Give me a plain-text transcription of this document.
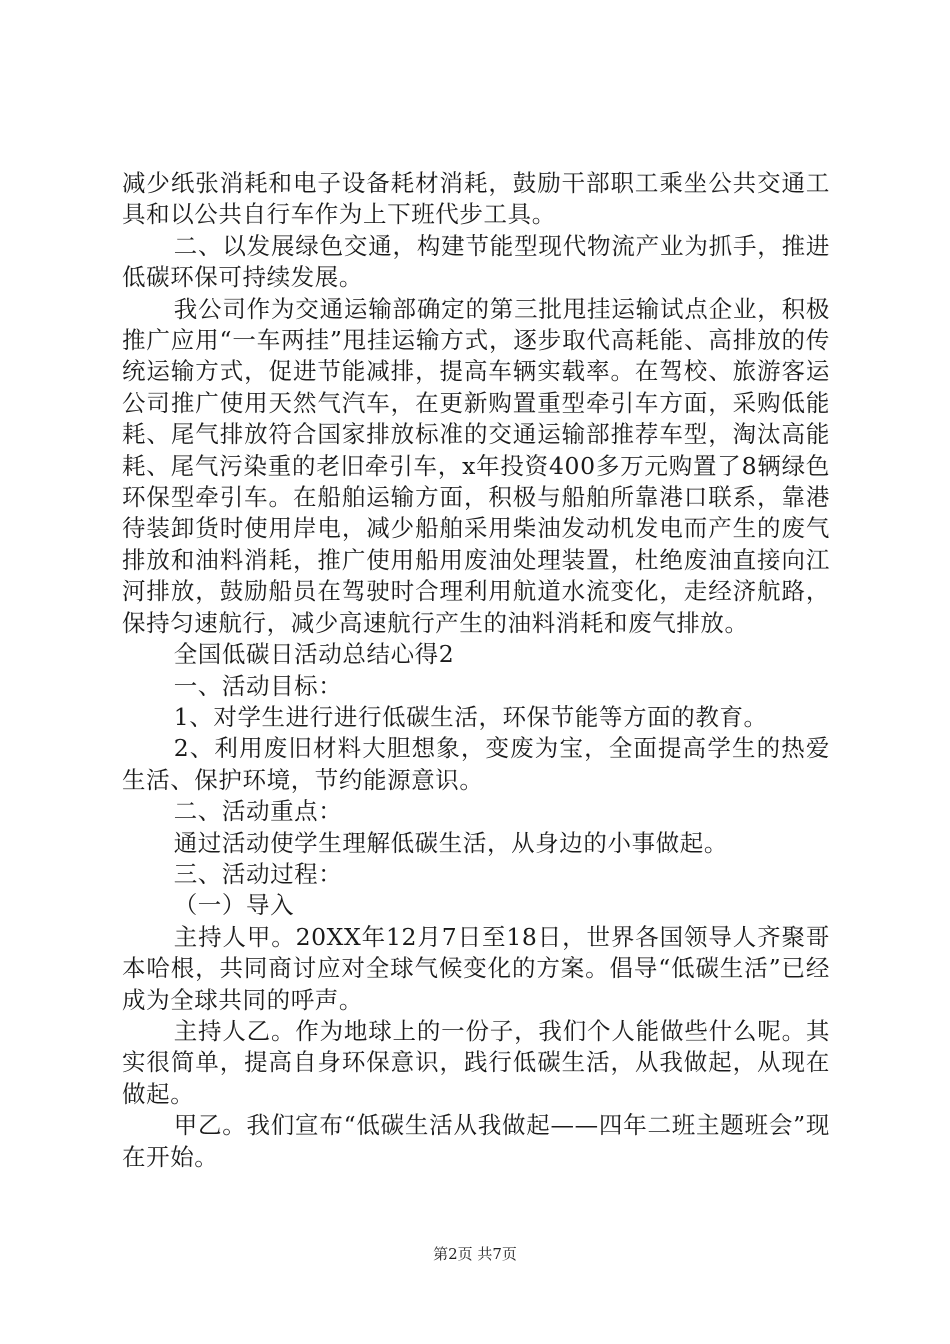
减少纸张消耗和电子设备耗材消耗，鼓励干部职工乘坐公共交通工具和以公共自行车作为上下班代步工具。

二、以发展绿色交通，构建节能型现代物流产业为抓手，推进低碳环保可持续发展。

我公司作为交通运输部确定的第三批甩挂运输试点企业，积极推广应用“一车两挂”甩挂运输方式，逐步取代高耗能、高排放的传统运输方式，促进节能减排，提高车辆实载率。在驾校、旅游客运公司推广使用天然气汽车，在更新购置重型牵引车方面，采购低能耗、尾气排放符合国家排放标准的交通运输部推荐车型，淘汰高能耗、尾气污染重的老旧牵引车，x年投资400多万元购置了8辆绿色环保型牵引车。在船舶运输方面，积极与船舶所靠港口联系，靠港待装卸货时使用岸电，减少船舶采用柴油发动机发电而产生的废气排放和油料消耗，推广使用船用废油处理装置，杜绝废油直接向江河排放，鼓励船员在驾驶时合理利用航道水流变化，走经济航路，保持匀速航行，减少高速航行产生的油料消耗和废气排放。

全国低碳日活动总结心得2

一、活动目标：

1、对学生进行进行低碳生活，环保节能等方面的教育。

2、利用废旧材料大胆想象，变废为宝，全面提高学生的热爱生活、保护环境，节约能源意识。

二、活动重点：

通过活动使学生理解低碳生活，从身边的小事做起。

三、活动过程：

（一）导入

主持人甲。20XX年12月7日至18日，世界各国领导人齐聚哥本哈根，共同商讨应对全球气候变化的方案。倡导“低碳生活”已经成为全球共同的呼声。

主持人乙。作为地球上的一份子，我们个人能做些什么呢。其实很简单，提高自身环保意识，践行低碳生活，从我做起，从现在做起。

甲乙。我们宣布“低碳生活从我做起——四年二班主题班会”现在开始。

第2页 共7页
